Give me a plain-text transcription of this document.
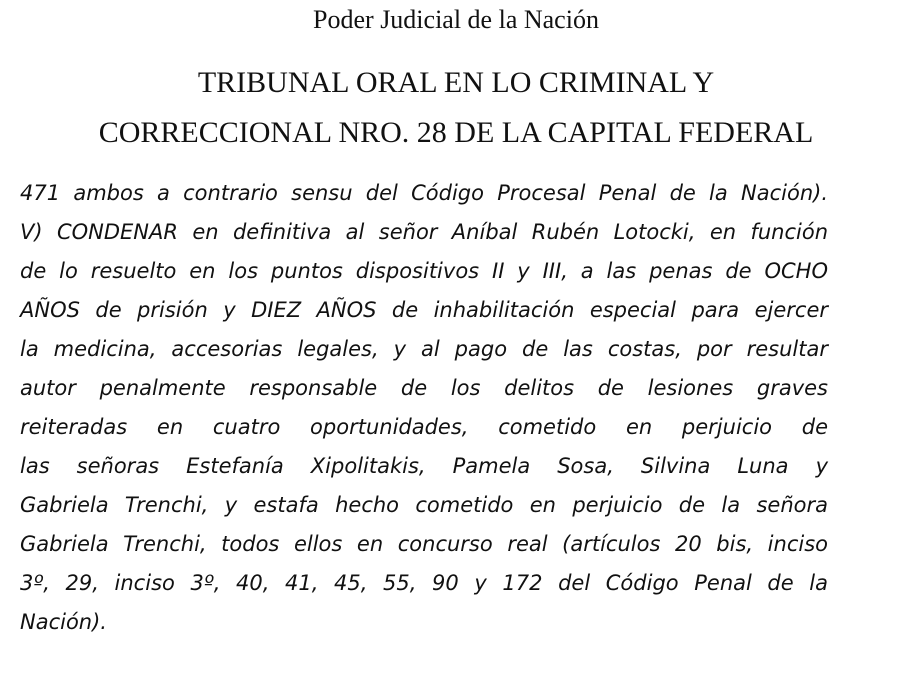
Poder Judicial de la Nación
TRIBUNAL ORAL EN LO CRIMINAL Y
CORRECCIONAL NRO. 28 DE LA CAPITAL FEDERAL
471 ambos a contrario sensu del Código Procesal Penal de la Nación).
V) CONDENAR en definitiva al señor Aníbal Rubén Lotocki, en función
de lo resuelto en los puntos dispositivos II y III, a las penas de OCHO
AÑOS de prisión y DIEZ AÑOS de inhabilitación especial para ejercer
la medicina, accesorias legales, y al pago de las costas, por resultar
autor penalmente responsable de los delitos de lesiones graves
reiteradas en cuatro oportunidades, cometido en perjuicio de
las señoras Estefanía Xipolitakis, Pamela Sosa, Silvina Luna y
Gabriela Trenchi, y estafa hecho cometido en perjuicio de la señora
Gabriela Trenchi, todos ellos en concurso real (artículos 20 bis, inciso
3º, 29, inciso 3º, 40, 41, 45, 55, 90 y 172 del Código Penal de la
Nación).
